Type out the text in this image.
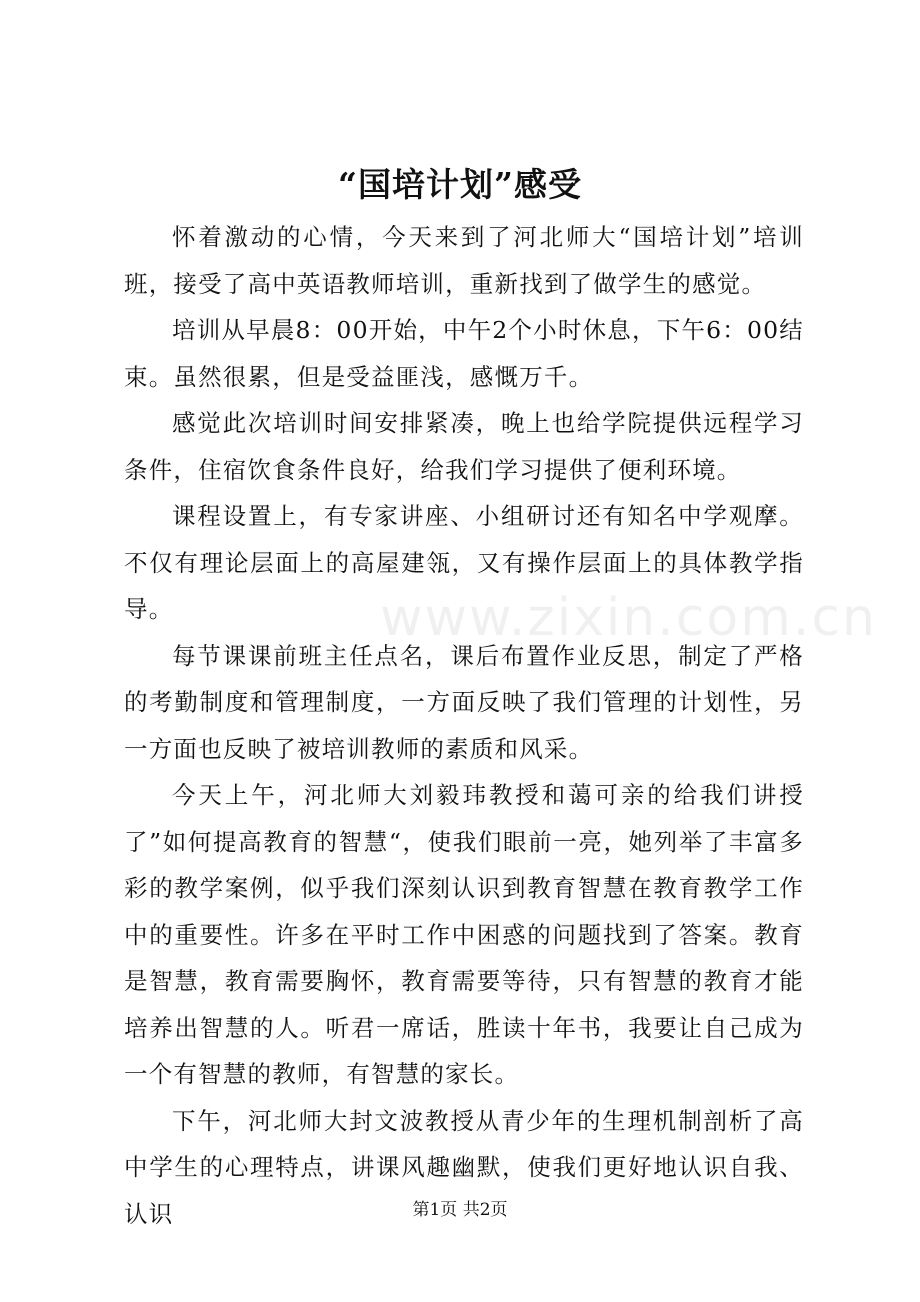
www.zixin.com.cn
“国培计划”感受

怀着激动的心情，今天来到了河北师大“国培计划”培训班，接受了高中英语教师培训，重新找到了做学生的感觉。

培训从早晨8：00开始，中午2个小时休息，下午6：00结束。虽然很累，但是受益匪浅，感慨万千。

感觉此次培训时间安排紧凑，晚上也给学院提供远程学习条件，住宿饮食条件良好，给我们学习提供了便利环境。

课程设置上，有专家讲座、小组研讨还有知名中学观摩。不仅有理论层面上的高屋建瓴，又有操作层面上的具体教学指导。

每节课课前班主任点名，课后布置作业反思，制定了严格的考勤制度和管理制度，一方面反映了我们管理的计划性，另一方面也反映了被培训教师的素质和风采。

今天上午，河北师大刘毅玮教授和蔼可亲的给我们讲授了”如何提高教育的智慧“，使我们眼前一亮，她列举了丰富多彩的教学案例，似乎我们深刻认识到教育智慧在教育教学工作中的重要性。许多在平时工作中困惑的问题找到了答案。教育是智慧，教育需要胸怀，教育需要等待，只有智慧的教育才能培养出智慧的人。听君一席话，胜读十年书，我要让自己成为一个有智慧的教师，有智慧的家长。

下午，河北师大封文波教授从青少年的生理机制剖析了高中学生的心理特点，讲课风趣幽默，使我们更好地认识自我、认识	第1页 共2页
